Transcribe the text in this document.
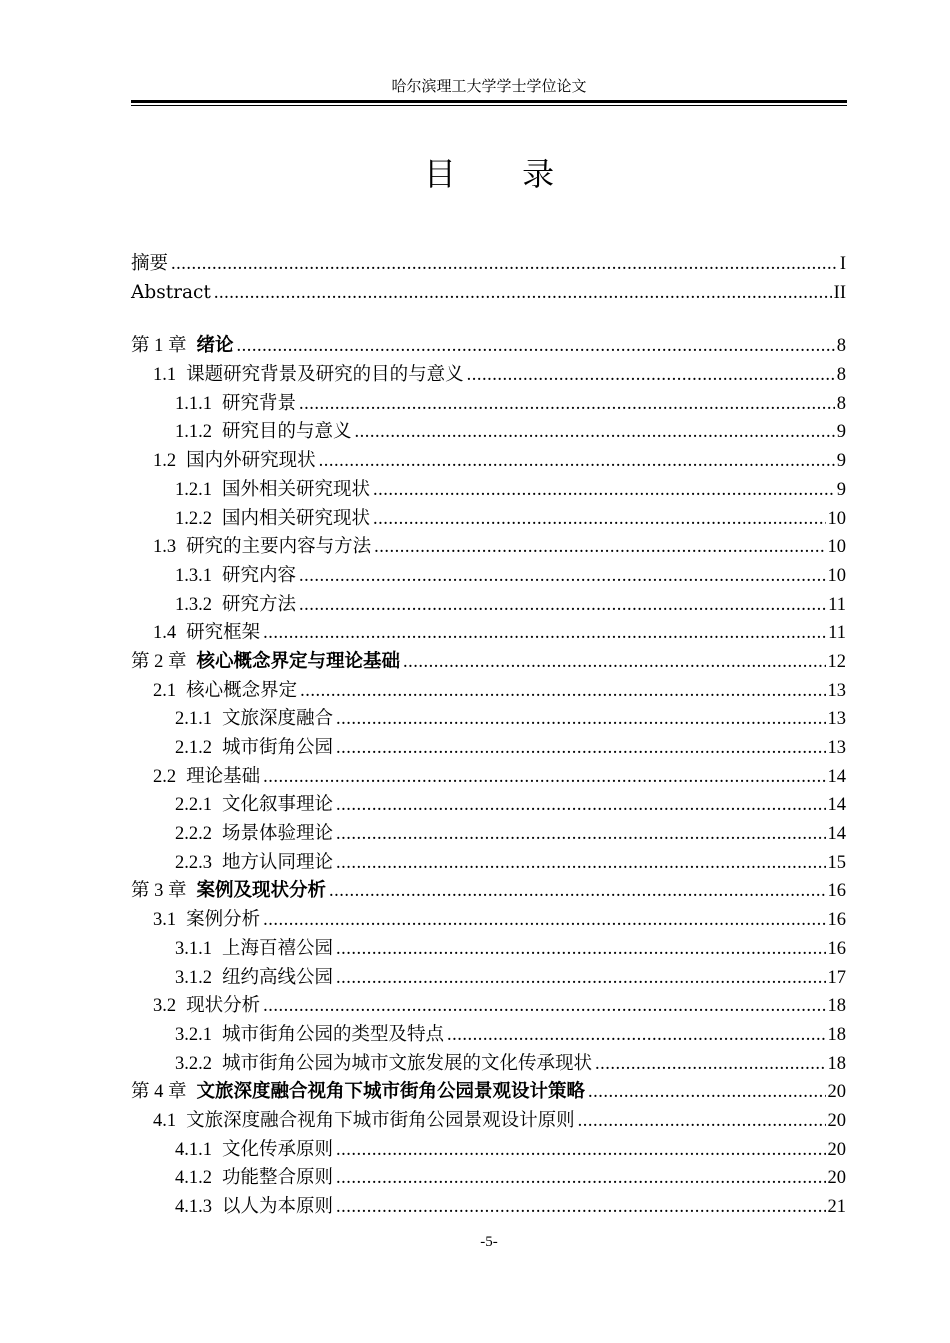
哈尔滨理工大学学士学位论文
目 录
摘要 .....	I
Abstract .....	II
第 1 章 绪论 .....	8
1.1 课题研究背景及研究的目的与意义 .....	8
1.1.1 研究背景 .....	8
1.1.2 研究目的与意义 .....	9
1.2 国内外研究现状 .....	9
1.2.1 国外相关研究现状 .....	9
1.2.2 国内相关研究现状 .....	10
1.3 研究的主要内容与方法 .....	10
1.3.1 研究内容 .....	10
1.3.2 研究方法 .....	11
1.4 研究框架 .....	11
第 2 章 核心概念界定与理论基础 .....	12
2.1 核心概念界定 .....	13
2.1.1 文旅深度融合 .....	13
2.1.2 城市街角公园 .....	13
2.2 理论基础 .....	14
2.2.1 文化叙事理论 .....	14
2.2.2 场景体验理论 .....	14
2.2.3 地方认同理论 .....	15
第 3 章 案例及现状分析 .....	16
3.1 案例分析 .....	16
3.1.1 上海百禧公园 .....	16
3.1.2 纽约高线公园 .....	17
3.2 现状分析 .....	18
3.2.1 城市街角公园的类型及特点 .....	18
3.2.2 城市街角公园为城市文旅发展的文化传承现状 .....	18
第 4 章 文旅深度融合视角下城市街角公园景观设计策略 .....	20
4.1 文旅深度融合视角下城市街角公园景观设计原则 .....	20
4.1.1 文化传承原则 .....	20
4.1.2 功能整合原则 .....	20
4.1.3 以人为本原则 .....	21
-5-
